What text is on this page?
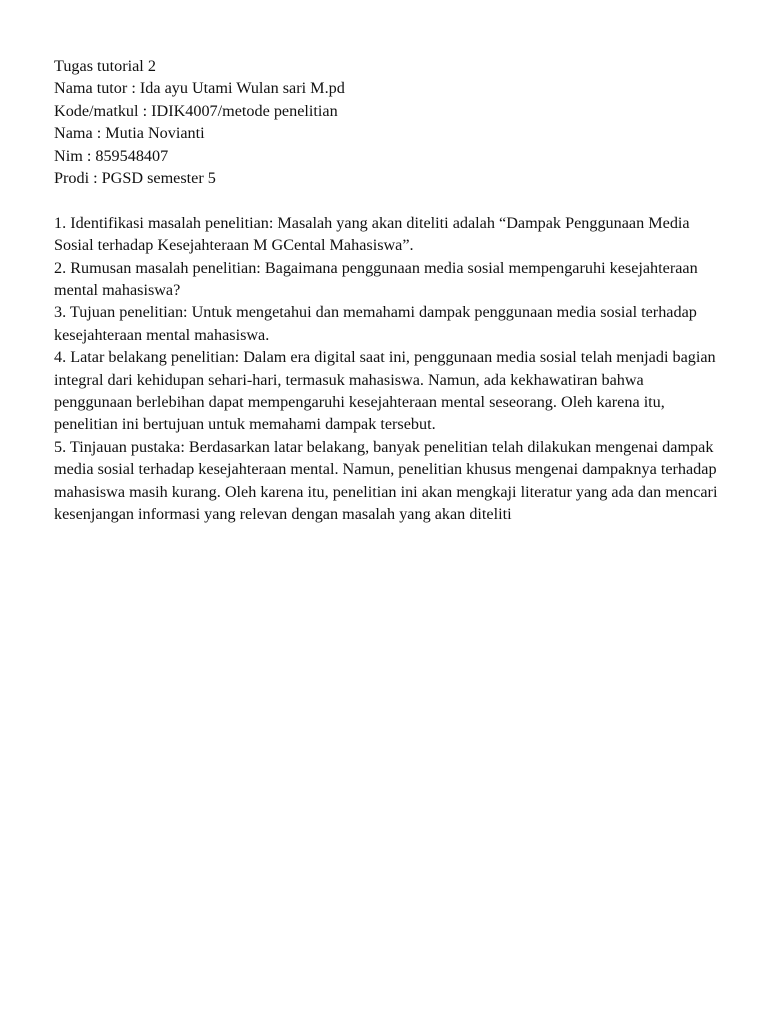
Tugas tutorial 2
Nama tutor : Ida ayu Utami Wulan sari M.pd
Kode/matkul : IDIK4007/metode penelitian
Nama : Mutia Novianti
Nim : 859548407
Prodi : PGSD semester 5

1. Identifikasi masalah penelitian: Masalah yang akan diteliti adalah “Dampak Penggunaan Media Sosial terhadap Kesejahteraan M GCental Mahasiswa”.

2. Rumusan masalah penelitian: Bagaimana penggunaan media sosial mempengaruhi kesejahteraan mental mahasiswa?

3. Tujuan penelitian: Untuk mengetahui dan memahami dampak penggunaan media sosial terhadap kesejahteraan mental mahasiswa.

4. Latar belakang penelitian: Dalam era digital saat ini, penggunaan media sosial telah menjadi bagian integral dari kehidupan sehari-hari, termasuk mahasiswa. Namun, ada kekhawatiran bahwa penggunaan berlebihan dapat mempengaruhi kesejahteraan mental seseorang. Oleh karena itu, penelitian ini bertujuan untuk memahami dampak tersebut.

5. Tinjauan pustaka: Berdasarkan latar belakang, banyak penelitian telah dilakukan mengenai dampak media sosial terhadap kesejahteraan mental. Namun, penelitian khusus mengenai dampaknya terhadap mahasiswa masih kurang. Oleh karena itu, penelitian ini akan mengkaji literatur yang ada dan mencari kesenjangan informasi yang relevan dengan masalah yang akan diteliti
